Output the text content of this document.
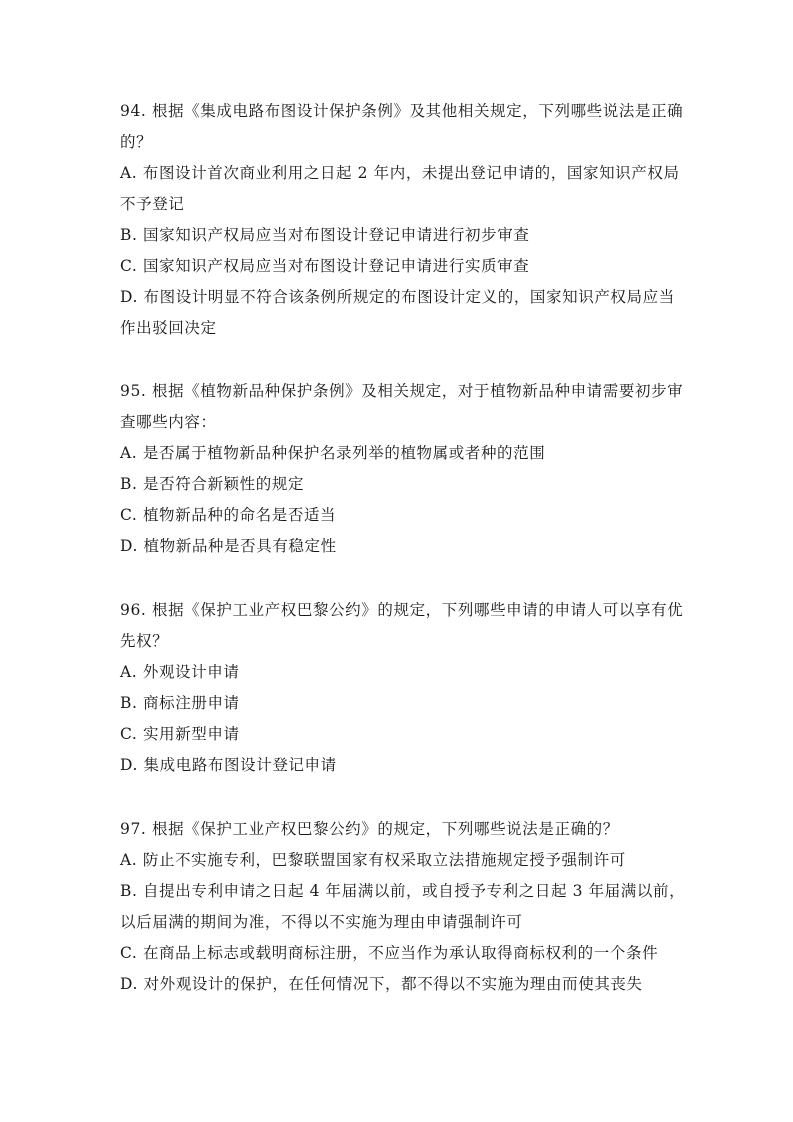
94. 根据《集成电路布图设计保护条例》及其他相关规定，下列哪些说法是正确
的？
A. 布图设计首次商业利用之日起 2 年内，未提出登记申请的，国家知识产权局
不予登记
B. 国家知识产权局应当对布图设计登记申请进行初步审查
C. 国家知识产权局应当对布图设计登记申请进行实质审查
D. 布图设计明显不符合该条例所规定的布图设计定义的，国家知识产权局应当
作出驳回决定
95. 根据《植物新品种保护条例》及相关规定，对于植物新品种申请需要初步审
查哪些内容：
A. 是否属于植物新品种保护名录列举的植物属或者种的范围
B. 是否符合新颖性的规定
C. 植物新品种的命名是否适当
D. 植物新品种是否具有稳定性
96. 根据《保护工业产权巴黎公约》的规定，下列哪些申请的申请人可以享有优
先权？
A. 外观设计申请
B. 商标注册申请
C. 实用新型申请
D. 集成电路布图设计登记申请
97. 根据《保护工业产权巴黎公约》的规定，下列哪些说法是正确的？
A. 防止不实施专利，巴黎联盟国家有权采取立法措施规定授予强制许可
B. 自提出专利申请之日起 4 年届满以前，或自授予专利之日起 3 年届满以前，
以后届满的期间为准，不得以不实施为理由申请强制许可
C. 在商品上标志或载明商标注册，不应当作为承认取得商标权利的一个条件
D. 对外观设计的保护，在任何情况下，都不得以不实施为理由而使其丧失
